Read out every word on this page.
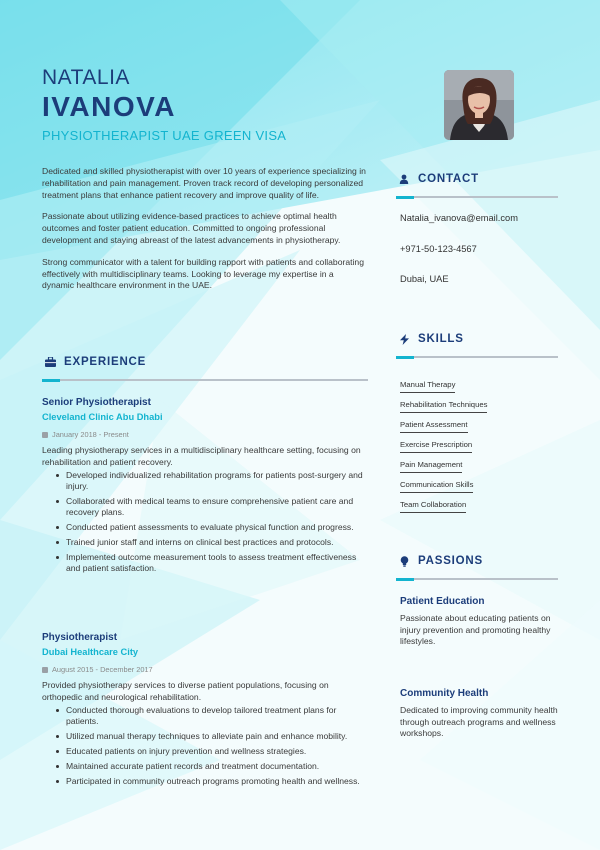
NATALIA
IVANOVA
PHYSIOTHERAPIST UAE GREEN VISA

Dedicated and skilled physiotherapist with over 10 years of experience specializing in rehabilitation and pain management. Proven track record of developing personalized treatment plans that enhance patient recovery and improve quality of life.

Passionate about utilizing evidence-based practices to achieve optimal health outcomes and foster patient education. Committed to ongoing professional development and staying abreast of the latest advancements in physiotherapy.

Strong communicator with a talent for building rapport with patients and collaborating effectively with multidisciplinary teams. Looking to leverage my expertise in a dynamic healthcare environment in the UAE.

EXPERIENCE
Senior Physiotherapist
Cleveland Clinic Abu Dhabi
January 2018 - Present
Leading physiotherapy services in a multidisciplinary healthcare setting, focusing on rehabilitation and patient recovery.
Developed individualized rehabilitation programs for patients post-surgery and injury.
Collaborated with medical teams to ensure comprehensive patient care and recovery plans.
Conducted patient assessments to evaluate physical function and progress.
Trained junior staff and interns on clinical best practices and protocols.
Implemented outcome measurement tools to assess treatment effectiveness and patient satisfaction.
Physiotherapist
Dubai Healthcare City
August 2015 - December 2017
Provided physiotherapy services to diverse patient populations, focusing on orthopedic and neurological rehabilitation.
Conducted thorough evaluations to develop tailored treatment plans for patients.
Utilized manual therapy techniques to alleviate pain and enhance mobility.
Educated patients on injury prevention and wellness strategies.
Maintained accurate patient records and treatment documentation.
Participated in community outreach programs promoting health and wellness.
CONTACT
Natalia_ivanova@email.com
+971-50-123-4567
Dubai, UAE
SKILLS
Manual Therapy
Rehabilitation Techniques
Patient Assessment
Exercise Prescription
Pain Management
Communication Skills
Team Collaboration
PASSIONS
Patient Education
Passionate about educating patients on injury prevention and promoting healthy lifestyles.
Community Health
Dedicated to improving community health through outreach programs and wellness workshops.
